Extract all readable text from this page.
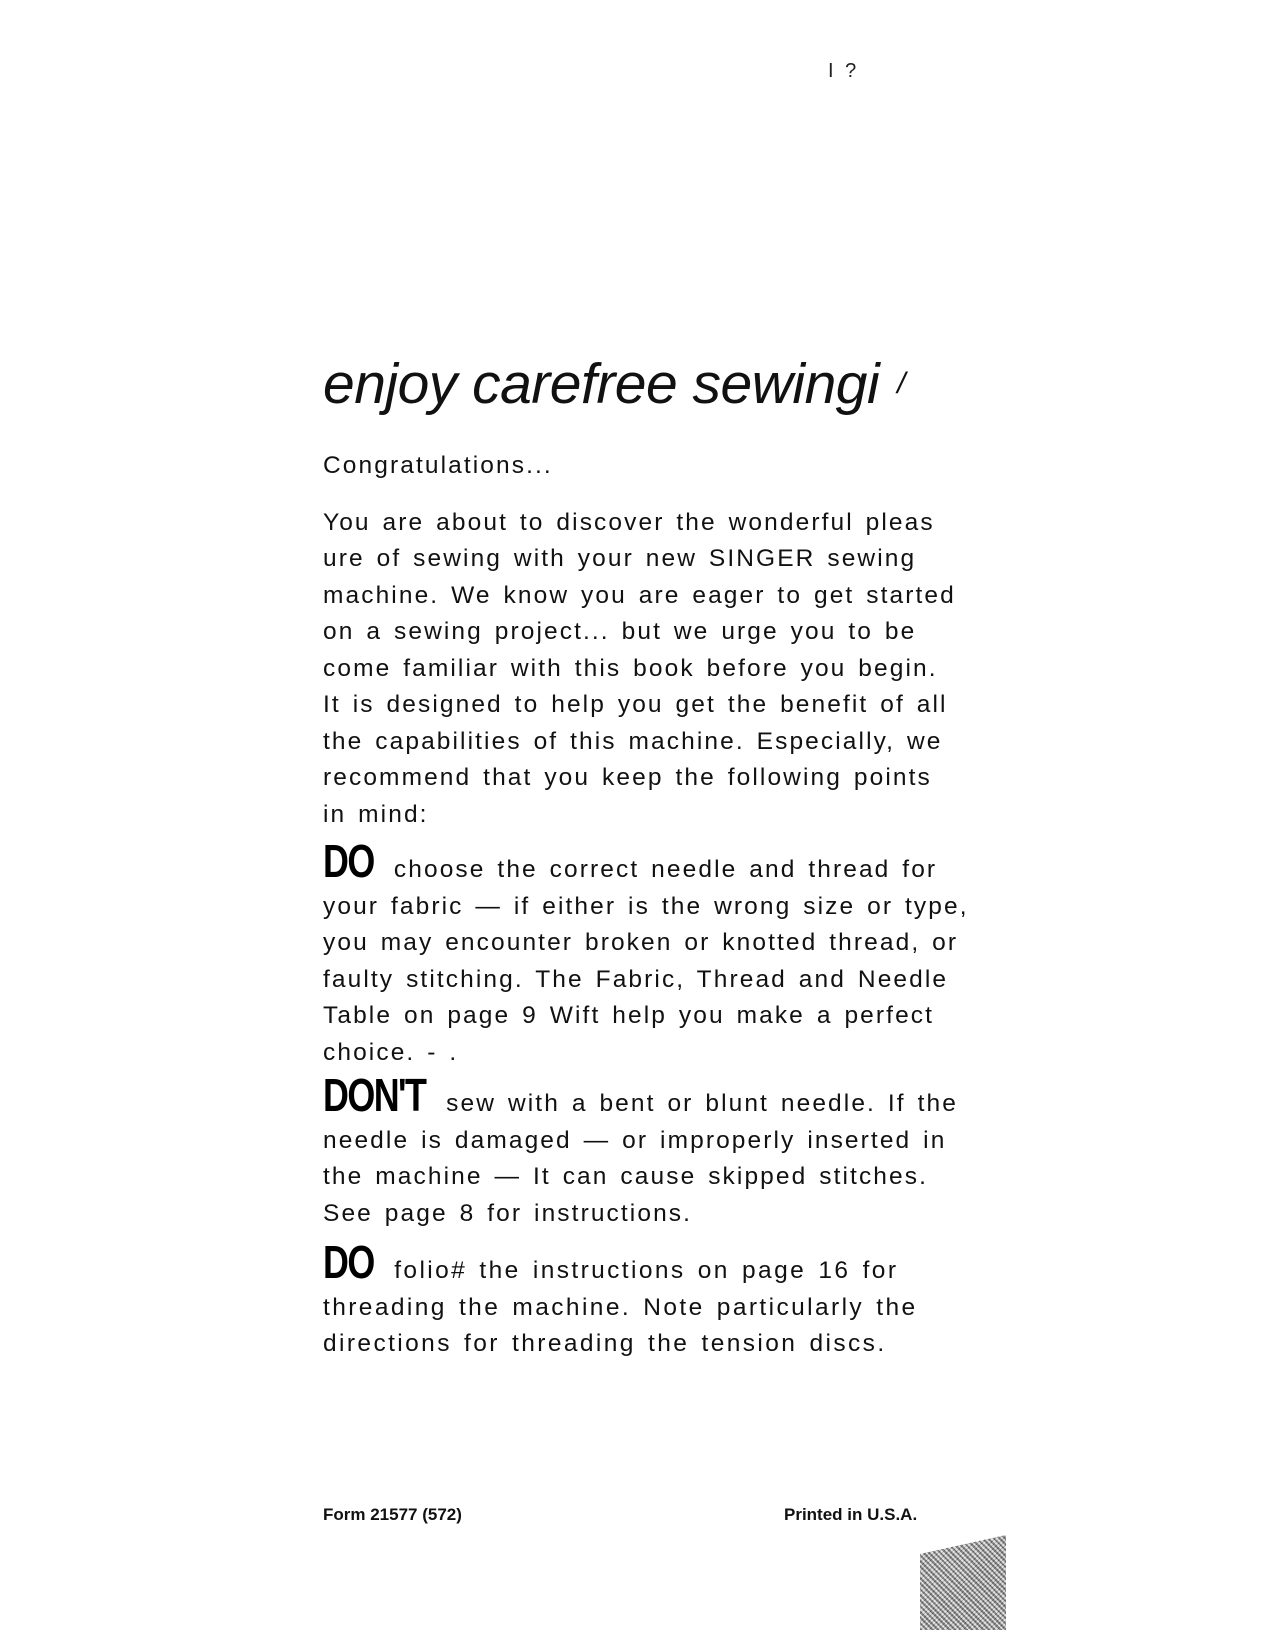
I ?
enjoy carefree sewingi /

Congratulations...

You are about to discover the wonderful pleas
ure of sewing with your new SINGER sewing
machine. We know you are eager to get started
on a sewing project... but we urge you to be
come familiar with this book before you begin.
It is designed to help you get the benefit of all
the capabilities of this machine. Especially, we
recommend that you keep the following points
in mind:

DO choose the correct needle and thread for
your fabric — if either is the wrong size or type,
you may encounter broken or knotted thread, or
faulty stitching. The Fabric, Thread and Needle
Table on page 9 Wift help you make a perfect
choice. - .

DON'T sew with a bent or blunt needle. If the
needle is damaged — or improperly inserted in
the machine — It can cause skipped stitches.
See page 8 for instructions.

DO folio# the instructions on page 16 for
threading the machine. Note particularly the
directions for threading the tension discs.

Form 21577 (572)	Printed in U.S.A.
